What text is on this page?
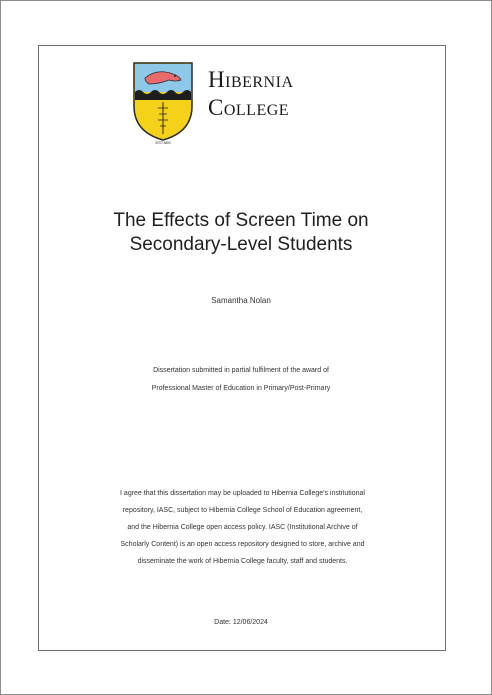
EST.MM
Hibernia
College
The Effects of Screen Time on
Secondary-Level Students
Samantha Nolan
Dissertation submitted in partial fulfilment of the award of
Professional Master of Education in Primary/Post-Primary
I agree that this dissertation may be uploaded to Hibernia College's institutional
repository, IASC, subject to Hibernia College School of Education agreement,
and the Hibernia College open access policy. IASC (Institutional Archive of
Scholarly Content) is an open access repository designed to store, archive and
disseminate the work of Hibernia College faculty, staff and students.
Date: 12/06/2024
